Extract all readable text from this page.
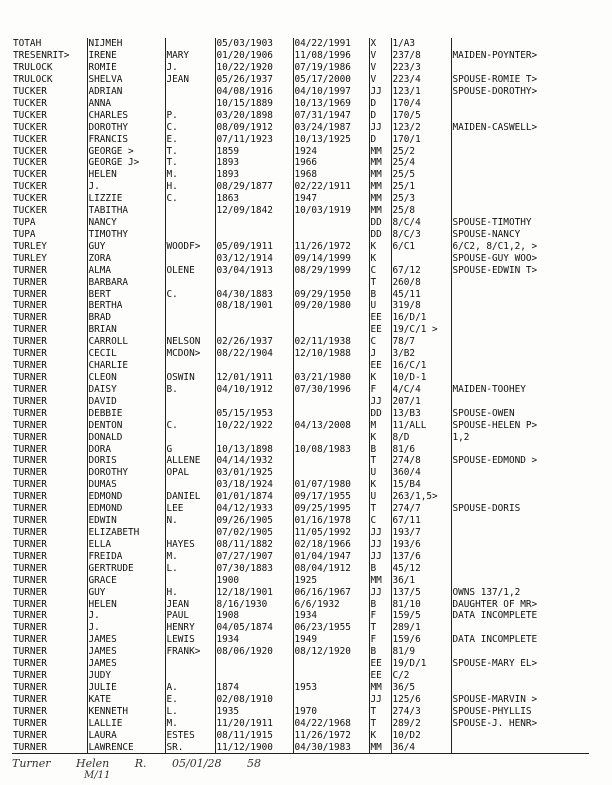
TOTAH	NIJMEH		05/03/1903	04/22/1991	X	1/A3	
TRESENRIT>	IRENE	MARY	01/20/1906	11/08/1996	V	237/8	MAIDEN-POYNTER>
TRULOCK	ROMIE	J.	10/22/1920	07/19/1986	V	223/3	
TRULOCK	SHELVA	JEAN	05/26/1937	05/17/2000	V	223/4	SPOUSE-ROMIE T>
TUCKER	ADRIAN		04/08/1916	04/10/1997	JJ	123/1	SPOUSE-DOROTHY>
TUCKER	ANNA		10/15/1889	10/13/1969	D	170/4	
TUCKER	CHARLES	P.	03/20/1898	07/31/1947	D	170/5	
TUCKER	DOROTHY	C.	08/09/1912	03/24/1987	JJ	123/2	MAIDEN-CASWELL>
TUCKER	FRANCIS	E.	07/11/1923	10/13/1925	D	170/1	
TUCKER	GEORGE >	T.	1859	1924	MM	25/2	
TUCKER	GEORGE J>	T.	1893	1966	MM	25/4	
TUCKER	HELEN	M.	1893	1968	MM	25/5	
TUCKER	J.	H.	08/29/1877	02/22/1911	MM	25/1	
TUCKER	LIZZIE	C.	1863	1947	MM	25/3	
TUCKER	TABITHA		12/09/1842	10/03/1919	MM	25/8	
TUPA	NANCY				DD	8/C/4	SPOUSE-TIMOTHY
TUPA	TIMOTHY				DD	8/C/3	SPOUSE-NANCY
TURLEY	GUY	WOODF>	05/09/1911	11/26/1972	K	6/C1	6/C2, 8/C1,2, >
TURLEY	ZORA		03/12/1914	09/14/1999	K		SPOUSE-GUY WOO>
TURNER	ALMA	OLENE	03/04/1913	08/29/1999	C	67/12	SPOUSE-EDWIN T>
TURNER	BARBARA				T	260/8	
TURNER	BERT	C.	04/30/1883	09/29/1950	B	45/11	
TURNER	BERTHA		08/18/1901	09/20/1980	U	319/8	
TURNER	BRAD				EE	16/D/1	
TURNER	BRIAN				EE	19/C/1 >	
TURNER	CARROLL	NELSON	02/26/1937	02/11/1938	C	78/7	
TURNER	CECIL	MCDON>	08/22/1904	12/10/1988	J	3/B2	
TURNER	CHARLIE				EE	16/C/1	
TURNER	CLEON	OSWIN	12/01/1911	03/21/1980	K	10/D-1	
TURNER	DAISY	B.	04/10/1912	07/30/1996	F	4/C/4	MAIDEN-TOOHEY
TURNER	DAVID				JJ	207/1	
TURNER	DEBBIE		05/15/1953		DD	13/B3	SPOUSE-OWEN
TURNER	DENTON	C.	10/22/1922	04/13/2008	M	11/ALL	SPOUSE-HELEN P>
TURNER	DONALD				K	8/D	1,2
TURNER	DORA	G	10/13/1898	10/08/1983	B	81/6	
TURNER	DORIS	ALLENE	04/14/1932		T	274/8	SPOUSE-EDMOND >
TURNER	DOROTHY	OPAL	03/01/1925		U	360/4	
TURNER	DUMAS		03/18/1924	01/07/1980	K	15/B4	
TURNER	EDMOND	DANIEL	01/01/1874	09/17/1955	U	263/1,5>	
TURNER	EDMOND	LEE	04/12/1933	09/25/1995	T	274/7	SPOUSE-DORIS
TURNER	EDWIN	N.	09/26/1905	01/16/1978	C	67/11	
TURNER	ELIZABETH		07/02/1905	11/05/1992	JJ	193/7	
TURNER	ELLA	HAYES	08/11/1882	02/18/1966	JJ	193/6	
TURNER	FREIDA	M.	07/27/1907	01/04/1947	JJ	137/6	
TURNER	GERTRUDE	L.	07/30/1883	08/04/1912	B	45/12	
TURNER	GRACE		1900	1925	MM	36/1	
TURNER	GUY	H.	12/18/1901	06/16/1967	JJ	137/5	OWNS 137/1,2
TURNER	HELEN	JEAN	8/16/1930	6/6/1932	B	81/10	DAUGHTER OF MR>
TURNER	J.	PAUL	1908	1934	F	159/5	DATA INCOMPLETE
TURNER	J.	HENRY	04/05/1874	06/23/1955	T	289/1	
TURNER	JAMES	LEWIS	1934	1949	F	159/6	DATA INCOMPLETE
TURNER	JAMES	FRANK>	08/06/1920	08/12/1920	B	81/9	
TURNER	JAMES				EE	19/D/1	SPOUSE-MARY EL>
TURNER	JUDY				EE	C/2	
TURNER	JULIE	A.	1874	1953	MM	36/5	
TURNER	KATE	E.	02/08/1910		JJ	125/6	SPOUSE-MARVIN >
TURNER	KENNETH	L.	1935	1970	T	274/3	SPOUSE-PHYLLIS
TURNER	LALLIE	M.	11/20/1911	04/22/1968	T	289/2	SPOUSE-J. HENR>
TURNER	LAURA	ESTES	08/11/1915	11/26/1972	K	10/D2	
TURNER	LAWRENCE	SR.	11/12/1900	04/30/1983	MM	36/4	
Turner Helen R. 05/01/28 58
M/11
